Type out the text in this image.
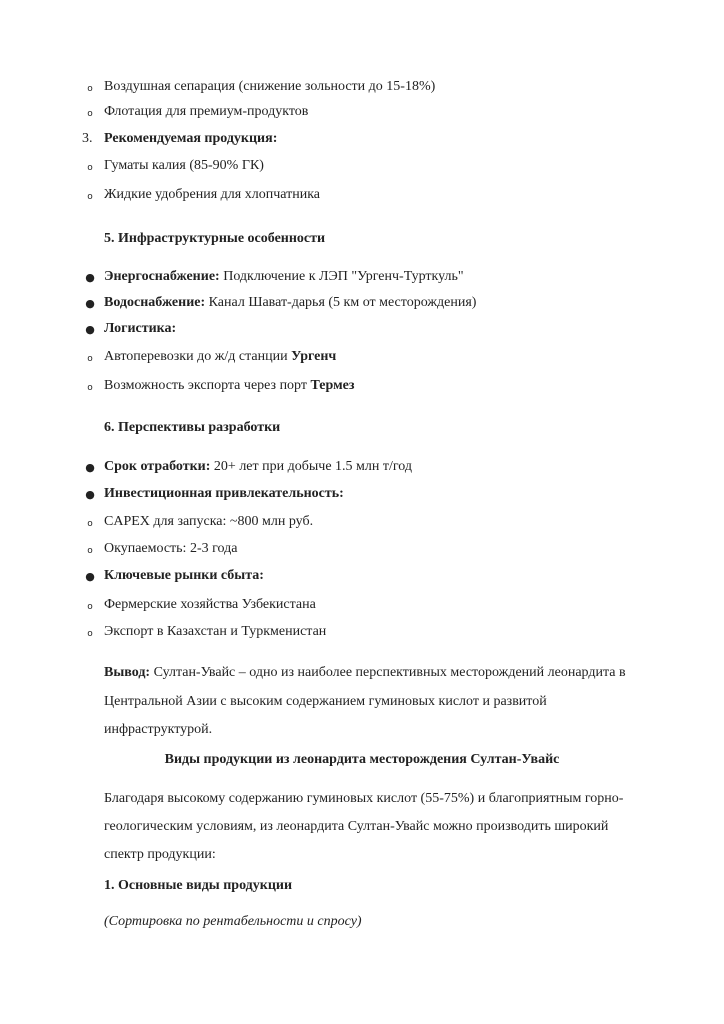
o Воздушная сепарация (снижение зольности до 15-18%)
o Флотация для премиум-продуктов
3. Рекомендуемая продукция:
o Гуматы калия (85-90% ГК)
o Жидкие удобрения для хлопчатника
5. Инфраструктурные особенности
● Энергоснабжение: Подключение к ЛЭП "Ургенч-Турткуль"
● Водоснабжение: Канал Шават-дарья (5 км от месторождения)
● Логистика:
o Автоперевозки до ж/д станции Ургенч
o Возможность экспорта через порт Термез
6. Перспективы разработки
● Срок отработки: 20+ лет при добыче 1.5 млн т/год
● Инвестиционная привлекательность:
o CAPEX для запуска: ~800 млн руб.
o Окупаемость: 2-3 года
● Ключевые рынки сбыта:
o Фермерские хозяйства Узбекистана
o Экспорт в Казахстан и Туркменистан
Вывод: Султан-Увайс – одно из наиболее перспективных месторождений леонардита в
Центральной Азии с высоким содержанием гуминовых кислот и развитой
инфраструктурой.
Виды продукции из леонардита месторождения Султан-Увайс
Благодаря высокому содержанию гуминовых кислот (55-75%) и благоприятным горно-
геологическим условиям, из леонардита Султан-Увайс можно производить широкий
спектр продукции:
1. Основные виды продукции
(Сортировка по рентабельности и спросу)
